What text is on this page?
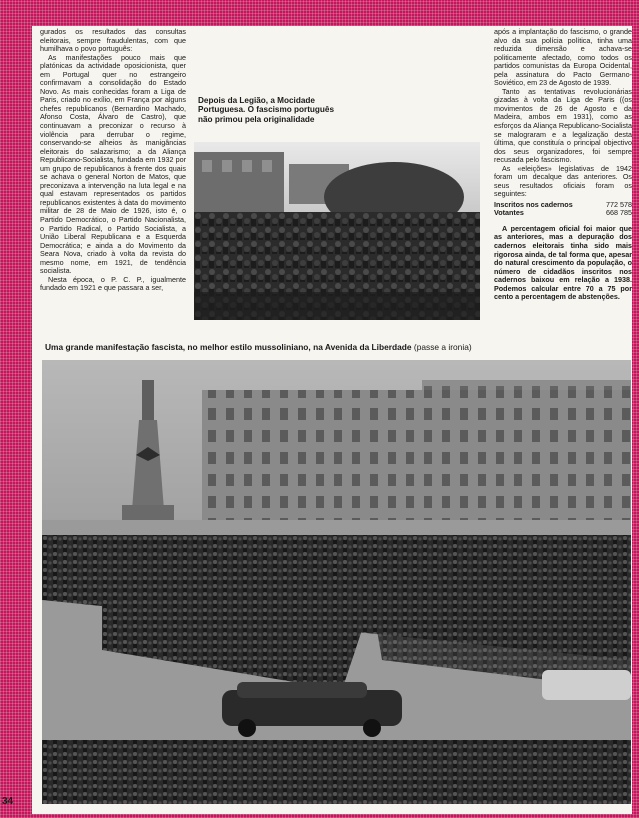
gurados os resultados das consultas eleitorais, sempre fraudulentas, com que humilhava o povo português:

As manifestações pouco mais que platónicas da actividade oposicionista, quer em Portugal quer no estrangeiro confirmavam a consolidação do Estado Novo. As mais conhecidas foram a Liga de Paris, criado no exílio, em França por alguns chefes republicanos (Bernardino Machado, Afonso Costa, Álvaro de Castro), que continuavam a preconizar o recurso à violência para derrubar o regime, conservando-se alheios às manigâncias eleitorais do salazarismo; a da Aliança Republicano-Socialista, fundada em 1932 por um grupo de republicanos à frente dos quais se achava o general Norton de Matos, que preconizava a intervenção na luta legal e na qual estavam representados os partidos republicanos existentes à data do movimento militar de 28 de Maio de 1926, isto é, o Partido Democrático, o Partido Nacionalista, o Partido Radical, o Partido Socialista, a União Liberal Republicana e a Esquerda Democrática; e ainda a do Movimento da Seara Nova, criado à volta da revista do mesmo nome, em 1921, de tendência socialista.

Nesta época, o P. C. P., igualmente fundado em 1921 e que passara a ser,

Depois da Legião, a Mocidade Portuguesa. O fascismo português não primou pela originalidade

após a implantação do fascismo, o grande alvo da sua polícia política, tinha uma reduzida dimensão e achava-se politicamente afectado, como todos os partidos comunistas da Europa Ocidental, pela assinatura do Pacto Germano-Soviético, em 23 de Agosto de 1939.

Tanto as tentativas revolucionárias gizadas à volta da Liga de Paris ((os movimentos de 26 de Agosto e da Madeira, ambos em 1931), como as esforços da Aliança Republicano-Socialista se malograram e a legalização desta última, que constituía o principal objectivo dos seus organizadores, foi sempre recusada pelo fascismo.

As «eleições» legislativas de 1942 foram um decalque das anteriores. Os seus resultados oficiais foram os seguintes:

Inscritos nos cadernos	772 578
Votantes	668 785

A percentagem oficial foi maior que as anteriores, mas a depuração dos cadernos eleitorais tinha sido mais rigorosa ainda, de tal forma que, apesar do natural crescimento da população, o número de cidadãos inscritos nos cadernos baixou em relação a 1938. Podemos calcular entre 70 a 75 por cento a percentagem de abstenções.

Uma grande manifestação fascista, no melhor estilo mussoliniano, na Avenida da Liberdade (passe a ironia)
34
